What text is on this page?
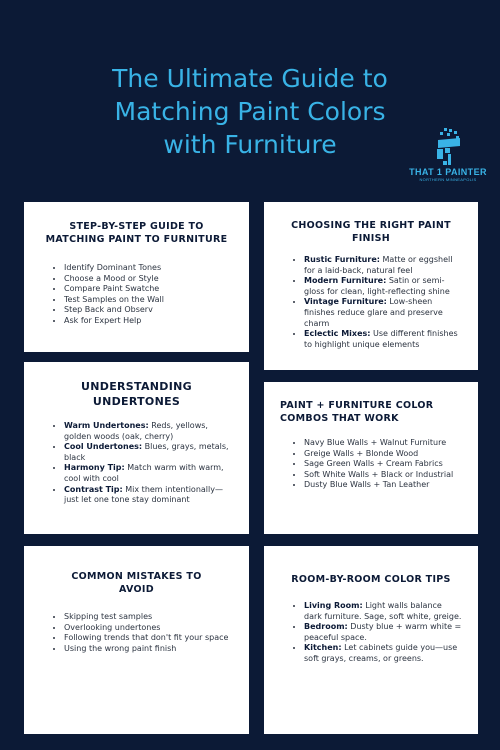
The Ultimate Guide to
Matching Paint Colors
with Furniture
THAT 1 PAINTER
NORTHERN MINNEAPOLIS
STEP-BY-STEP GUIDE TO
MATCHING PAINT TO FURNITURE
• Identify Dominant Tones
• Choose a Mood or Style
• Compare Paint Swatche
• Test Samples on the Wall
• Step Back and Observ
• Ask for Expert Help
CHOOSING THE RIGHT PAINT
FINISH
• Rustic Furniture: Matte or eggshell for a laid-back, natural feel
• Modern Furniture: Satin or semi-gloss for clean, light-reflecting shine
• Vintage Furniture: Low-sheen finishes reduce glare and preserve charm
• Eclectic Mixes: Use different finishes to highlight unique elements
UNDERSTANDING
UNDERTONES
• Warm Undertones: Reds, yellows, golden woods (oak, cherry)
• Cool Undertones: Blues, grays, metals, black
• Harmony Tip: Match warm with warm, cool with cool
• Contrast Tip: Mix them intentionally—just let one tone stay dominant
PAINT + FURNITURE COLOR
COMBOS THAT WORK
• Navy Blue Walls + Walnut Furniture
• Greige Walls + Blonde Wood
• Sage Green Walls + Cream Fabrics
• Soft White Walls + Black or Industrial
• Dusty Blue Walls + Tan Leather
COMMON MISTAKES TO
AVOID
• Skipping test samples
• Overlooking undertones
• Following trends that don't fit your space
• Using the wrong paint finish
ROOM-BY-ROOM COLOR TIPS
• Living Room: Light walls balance dark furniture. Sage, soft white, greige.
• Bedroom: Dusty blue + warm white = peaceful space.
• Kitchen: Let cabinets guide you—use soft grays, creams, or greens.
